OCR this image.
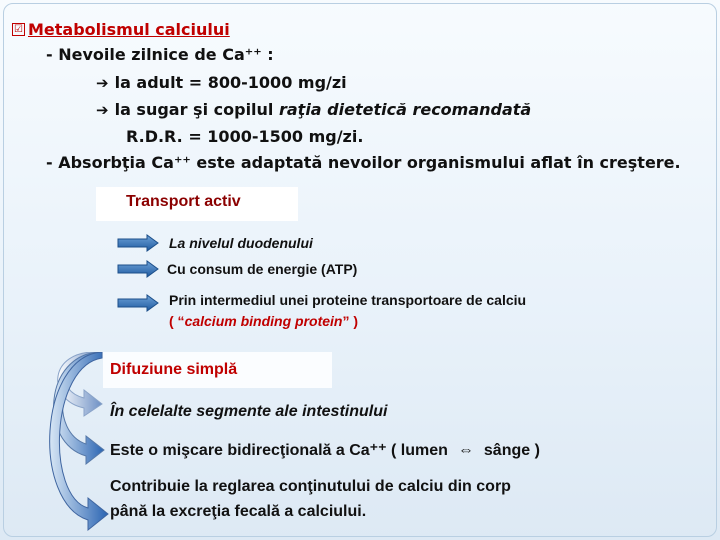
☑ Metabolismul calciului
- Nevoile zilnice de Ca⁺⁺ :
➔ la adult = 800-1000 mg/zi
➔ la sugar şi copilul raţia dietetică recomandată
R.D.R. = 1000-1500 mg/zi.
- Absorbţia Ca⁺⁺ este adaptată nevoilor organismului aflat în creştere.
Transport activ
La nivelul duodenului
Cu consum de energie (ATP)
Prin intermediul unei proteine transportoare de calciu
( “calcium binding protein” )
Difuziune simplă
În celelalte segmente ale intestinului
Este o mişcare bidirecţională a Ca⁺⁺ ( lumen ⇔ sânge )
Contribuie la reglarea conţinutului de calciu din corp
până la excreţia fecală a calciului.
